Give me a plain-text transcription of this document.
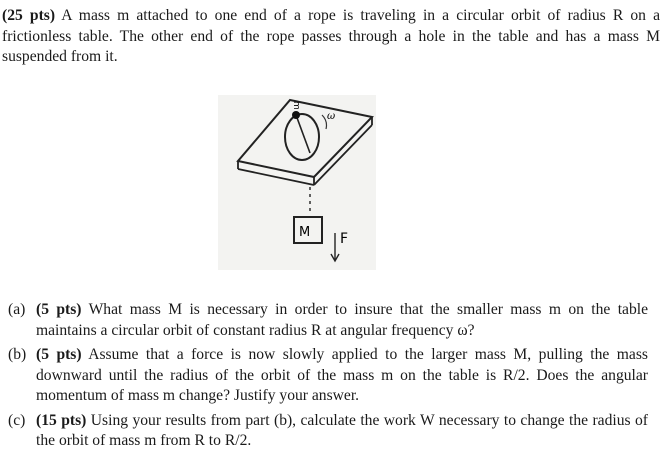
(25 pts) A mass m attached to one end of a rope is traveling in a circular orbit of radius R on a frictionless table. The other end of the rope passes through a hole in the table and has a mass M suspended from it.
m
ω
M F
(a) (5 pts) What mass M is necessary in order to insure that the smaller mass m on the table maintains a circular orbit of constant radius R at angular frequency ω?
(b) (5 pts) Assume that a force is now slowly applied to the larger mass M, pulling the mass downward until the radius of the orbit of the mass m on the table is R/2. Does the angular momentum of mass m change? Justify your answer.
(c) (15 pts) Using your results from part (b), calculate the work W necessary to change the radius of the orbit of mass m from R to R/2.
